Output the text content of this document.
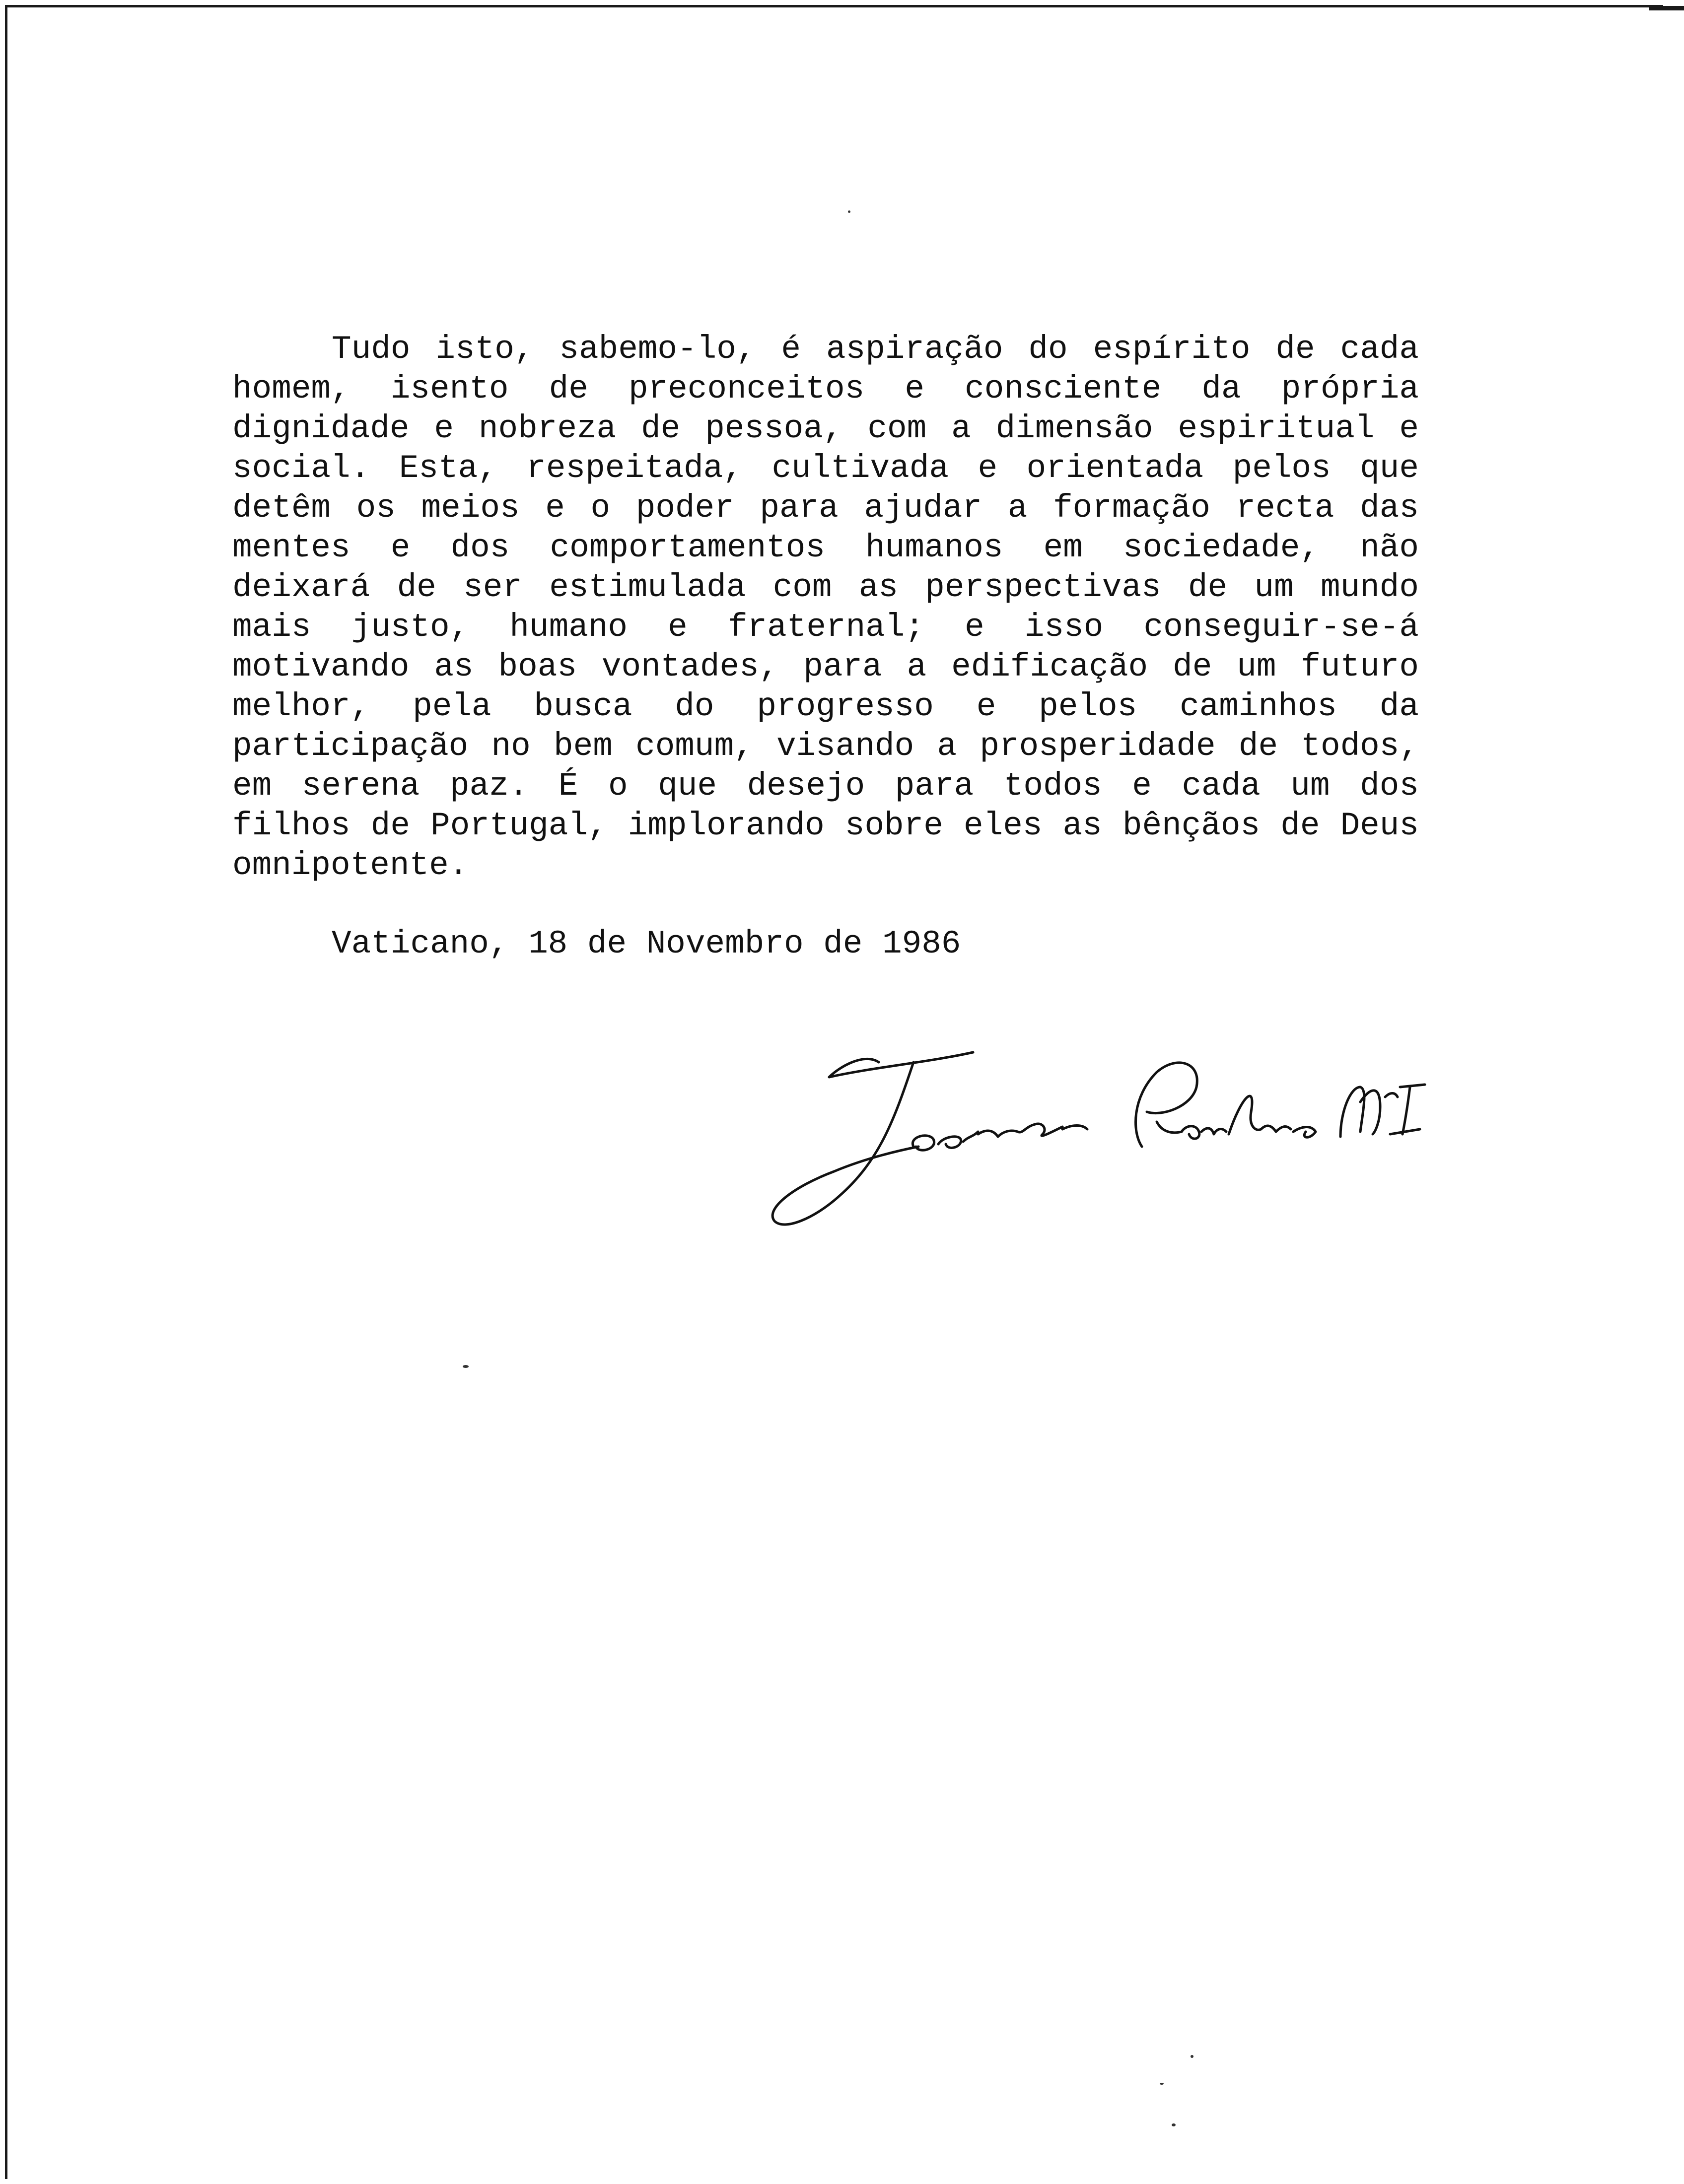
Tudo isto, sabemo-lo, é aspiração do espírito de cada homem, isento de preconceitos e consciente da própria dignidade e nobreza de pessoa, com a dimensão espiritual e social. Esta, respeitada, cultivada e orientada pelos que detêm os meios e o poder para ajudar a formação recta das mentes e dos comportamentos humanos em sociedade, não deixará de ser estimulada com as perspectivas de um mundo mais justo, humano e fraternal; e isso conseguir-se-á motivando as boas vontades, para a edificação de um futuro melhor, pela busca do progresso e pelos caminhos da participação no bem comum, visando a prosperidade de todos, em serena paz. É o que desejo para todos e cada um dos filhos de Portugal, implorando sobre eles as bênçãos de Deus omnipotente.

Vaticano, 18 de Novembro de 1986
